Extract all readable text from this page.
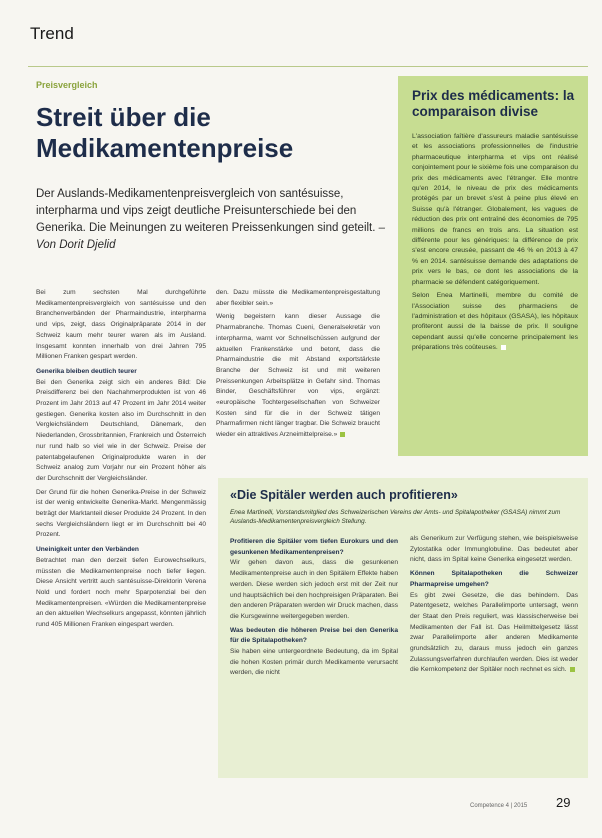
Trend
Preisvergleich
Streit über die Medikamentenpreise
Der Auslands-Medikamentenpreisvergleich von santésuisse, interpharma und vips zeigt deutliche Preisunterschiede bei den Generika. Die Meinungen zu weiteren Preissenkungen sind geteilt. – Von Dorit Djelid

Bei zum sechsten Mal durchgeführte Medikamentenpreisvergleich von santésuisse und den Branchenverbänden der Pharmaindustrie, interpharma und vips, zeigt, dass Originalpräparate 2014 in der Schweiz kaum mehr teurer waren als im Ausland. Insgesamt konnten innerhalb von drei Jahren 795 Millionen Franken gespart werden.

Generika bleiben deutlich teurer

Bei den Generika zeigt sich ein anderes Bild: Die Preisdifferenz bei den Nachahmerprodukten ist von 46 Prozent im Jahr 2013 auf 47 Prozent im Jahr 2014 weiter gestiegen. Generika kosten also im Durchschnitt in den Vergleichsländern Deutschland, Dänemark, den Niederlanden, Grossbritannien, Frankreich und Österreich nur rund halb so viel wie in der Schweiz. Preise der patentabgelaufenen Originalprodukte waren in der Schweiz analog zum Vorjahr nur ein Prozent höher als der Durchschnitt der Vergleichsländer.

Der Grund für die hohen Generika-Preise in der Schweiz ist der wenig entwickelte Generika-Markt. Mengenmässig beträgt der Marktanteil dieser Produkte 24 Prozent. In den sechs Vergleichsländern liegt er im Durchschnitt bei 40 Prozent.

Uneinigkeit unter den Verbänden

Betrachtet man den derzeit tiefen Eurowechselkurs, müssten die Medikamentenpreise noch tiefer liegen. Diese Ansicht vertritt auch santésuisse-Direktorin Verena Nold und fordert noch mehr Sparpotenzial bei den Medikamentenpreisen. «Würden die Medikamentenpreise an den aktuellen Wechselkurs angepasst, könnten jährlich rund 405 Millionen Franken eingespart werden.

den. Dazu müsste die Medikamentenpreisgestaltung aber flexibler sein.»

Wenig begeistern kann dieser Aussage die Pharmabranche. Thomas Cueni, Generalsekretär von interpharma, warnt vor Schnellschüssen aufgrund der aktuellen Frankenstärke und betont, dass die Pharmaindustrie die mit Abstand exportstärkste Branche der Schweiz ist und mit weiteren Preissenkungen Arbeitsplätze in Gefahr sind. Thomas Binder, Geschäftsführer von vips, ergänzt: «europäische Tochtergesellschaften von Schweizer Kosten sind für die in der Schweiz tätigen Pharmafirmen nicht länger tragbar. Die Schweiz braucht wieder ein attraktives Arzneimittelpreise.»

Prix des médicaments: la comparaison divise

L'association faîtière d'assureurs maladie santésuisse et les associations professionnelles de l'industrie pharmaceutique interpharma et vips ont réalisé conjointement pour le sixième fois une comparaison du prix des médicaments avec l'étranger. Elle montre qu'en 2014, le niveau de prix des médicaments protégés par un brevet s'est à peine plus élevé en Suisse qu'à l'étranger. Globalement, les vagues de réduction des prix ont entraîné des économies de 795 millions de francs en trois ans. La situation est différente pour les génériques: la différence de prix s'est encore creusée, passant de 46 % en 2013 à 47 % en 2014. santésuisse demande des adaptations de prix vers le bas, ce dont les associations de la pharmacie se défendent catégoriquement.

Selon Enea Martinelli, membre du comité de l'Association suisse des pharmaciens de l'administration et des hôpitaux (GSASA), les hôpitaux profiteront aussi de la baisse de prix. Il souligne cependant aussi qu'elle concerne principalement les préparations très coûteuses.

«Die Spitäler werden auch profitieren»
Enea Martinelli, Vorstandsmitglied des Schweizerischen Vereins der Amts- und Spitalapotheker (GSASA) nimmt zum Auslands-Medikamentenpreisvergleich Stellung.
Profitieren die Spitäler vom tiefen Eurokurs und den gesunkenen Medikamentenpreisen?

Wir gehen davon aus, dass die gesunkenen Medikamentenpreise auch in den Spitälern Effekte haben werden. Diese werden sich jedoch erst mit der Zeit nur und hauptsächlich bei den hochpreisigen Präparaten. Bei den anderen Präparaten werden wir Druck machen, dass die Kursgewinne weitergegeben werden.

Was bedeuten die höheren Preise bei den Generika für die Spitalapotheken?

Sie haben eine untergeordnete Bedeutung, da im Spital die hohen Kosten primär durch Medikamente verursacht werden, die nicht

als Generikum zur Verfügung stehen, wie beispielsweise Zytostatika oder Immunglobuline. Das bedeutet aber nicht, dass im Spital keine Generika eingesetzt werden.

Können Spitalapotheken die Schweizer Pharmapreise umgehen?

Es gibt zwei Gesetze, die das behindern. Das Patentgesetz, welches Parallelimporte untersagt, wenn der Staat den Preis reguliert, was klassischerweise bei Medikamenten der Fall ist. Das Heilmittelgesetz lässt zwar Parallelimporte aller anderen Medikamente grundsätzlich zu, daraus muss jedoch ein ganzes Zulassungsverfahren durchlaufen werden. Dies ist weder die Kernkompetenz der Spitäler noch rechnet es sich.

Competence 4 | 2015 29
